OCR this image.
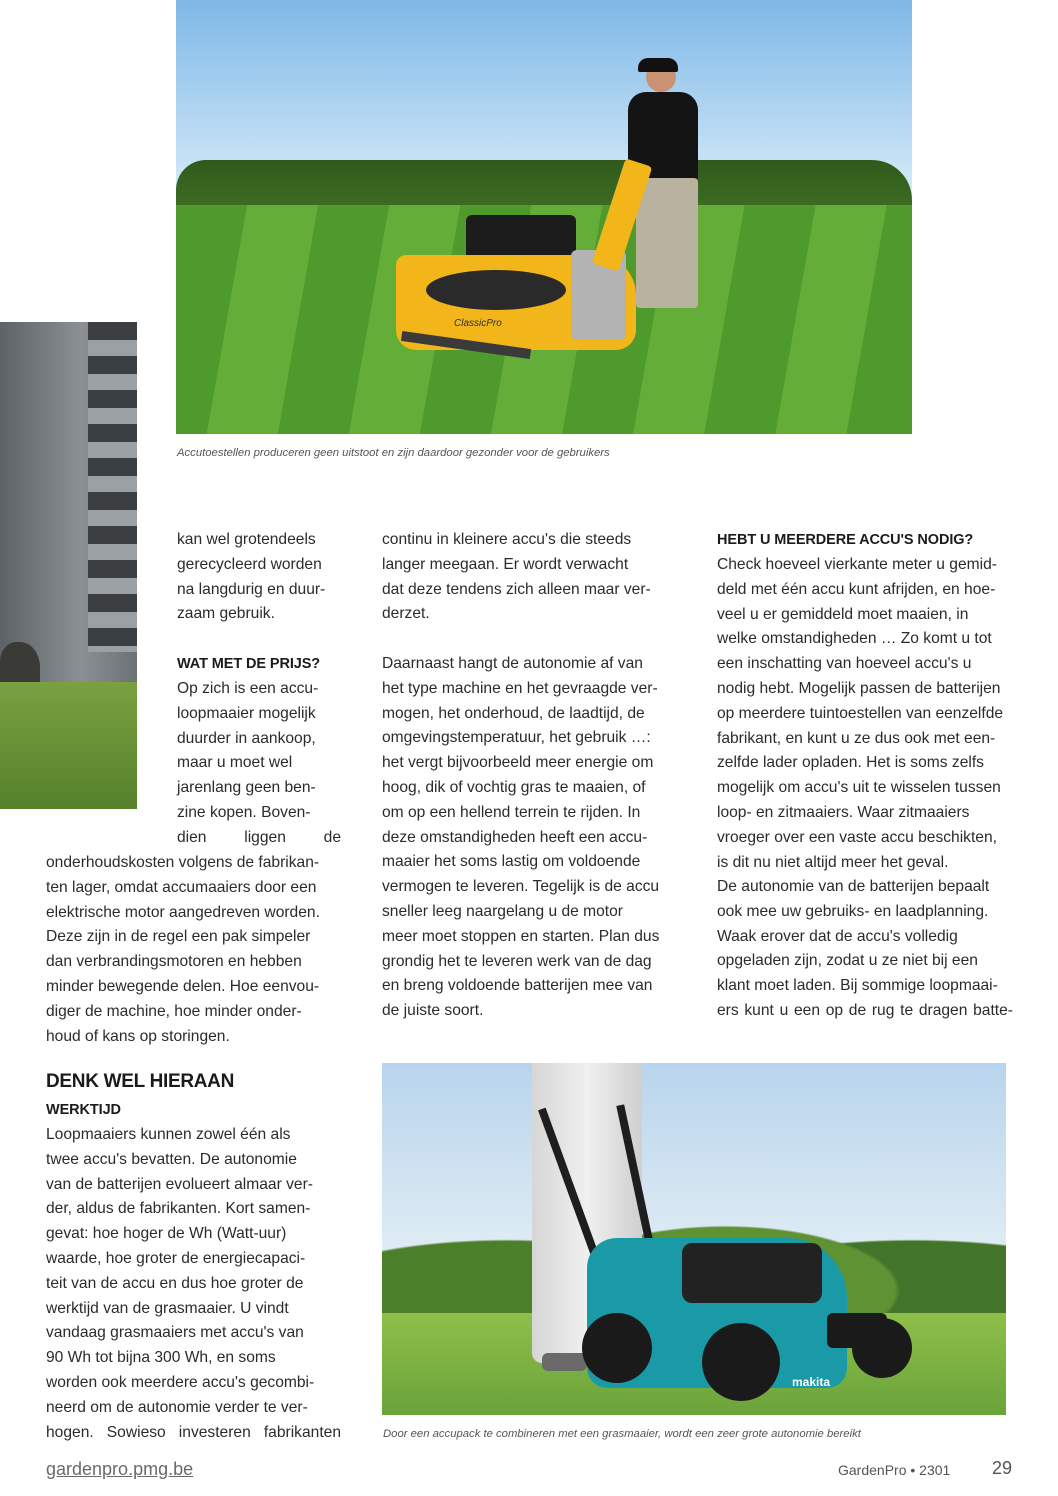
ClassicPro
Accutoestellen produceren geen uitstoot en zijn daardoor gezonder voor de gebruikers

kan wel grotendeels

gerecycleerd worden

na langdurig en duur-

zaam gebruik.

WAT MET DE PRIJS?

Op zich is een accu-

loopmaaier mogelijk

duurder in aankoop,

maar u moet wel

jarenlang geen ben-

zine kopen. Boven-

dien liggen de

onderhoudskosten volgens de fabrikan-

ten lager, omdat accumaaiers door een

elektrische motor aangedreven worden.

Deze zijn in de regel een pak simpeler

dan verbrandingsmotoren en hebben

minder bewegende delen. Hoe eenvou-

diger de machine, hoe minder onder-

houd of kans op storingen.

DENK WEL HIERAAN
WERKTIJD

Loopmaaiers kunnen zowel één als

twee accu's bevatten. De autonomie

van de batterijen evolueert almaar ver-

der, aldus de fabrikanten. Kort samen-

gevat: hoe hoger de Wh (Watt-uur)

waarde, hoe groter de energiecapaci-

teit van de accu en dus hoe groter de

werktijd van de grasmaaier. U vindt

vandaag grasmaaiers met accu's van

90 Wh tot bijna 300 Wh, en soms

worden ook meerdere accu's gecombi-

neerd om de autonomie verder te ver-

hogen. Sowieso investeren fabrikanten

continu in kleinere accu's die steeds

langer meegaan. Er wordt verwacht

dat deze tendens zich alleen maar ver-

derzet.

Daarnaast hangt de autonomie af van

het type machine en het gevraagde ver-

mogen, het onderhoud, de laadtijd, de

omgevingstemperatuur, het gebruik …:

het vergt bijvoorbeeld meer energie om

hoog, dik of vochtig gras te maaien, of

om op een hellend terrein te rijden. In

deze omstandigheden heeft een accu-

maaier het soms lastig om voldoende

vermogen te leveren. Tegelijk is de accu

sneller leeg naargelang u de motor

meer moet stoppen en starten. Plan dus

grondig het te leveren werk van de dag

en breng voldoende batterijen mee van

de juiste soort.

HEBT U MEERDERE ACCU'S NODIG?

Check hoeveel vierkante meter u gemid-

deld met één accu kunt afrijden, en hoe-

veel u er gemiddeld moet maaien, in

welke omstandigheden … Zo komt u tot

een inschatting van hoeveel accu's u

nodig hebt. Mogelijk passen de batterijen

op meerdere tuintoestellen van eenzelfde

fabrikant, en kunt u ze dus ook met een-

zelfde lader opladen. Het is soms zelfs

mogelijk om accu's uit te wisselen tussen

loop- en zitmaaiers. Waar zitmaaiers

vroeger over een vaste accu beschikten,

is dit nu niet altijd meer het geval.

De autonomie van de batterijen bepaalt

ook mee uw gebruiks- en laadplanning.

Waak erover dat de accu's volledig

opgeladen zijn, zodat u ze niet bij een

klant moet laden. Bij sommige loopmaai-

ers kunt u een op de rug te dragen batte-

makita
Door een accupack te combineren met een grasmaaier, wordt een zeer grote autonomie bereikt
gardenpro.pmg.be	GardenPro • 2301 29
